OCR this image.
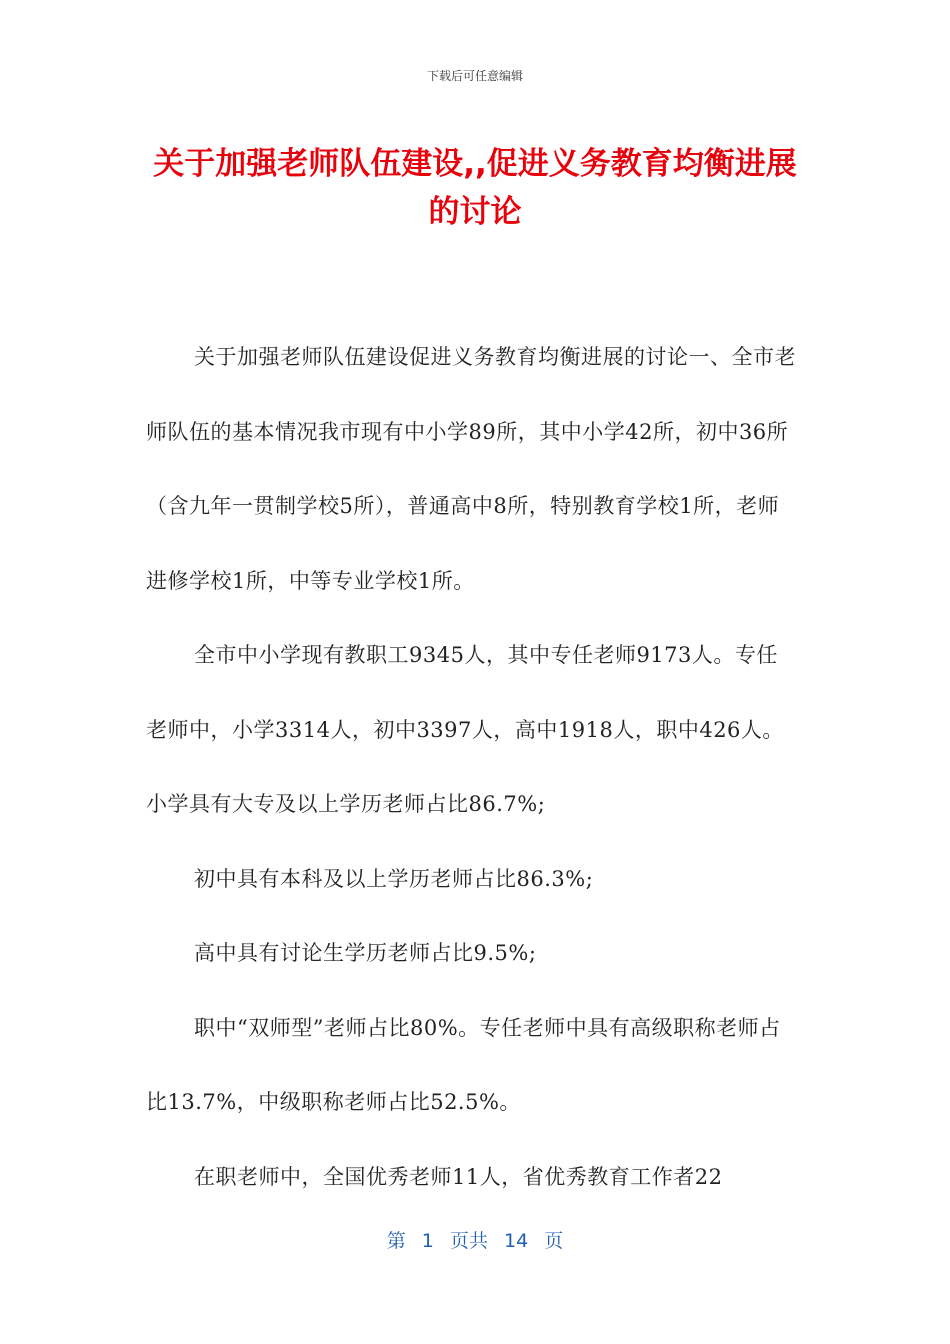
下载后可任意编辑
关于加强老师队伍建设,,促进义务教育均衡进展的讨论

关于加强老师队伍建设促进义务教育均衡进展的讨论一、全市老师队伍的基本情况我市现有中小学89所，其中小学42所，初中36所（含九年一贯制学校5所），普通高中8所，特别教育学校1所，老师进修学校1所，中等专业学校1所。

全市中小学现有教职工9345人，其中专任老师9173人。专任老师中，小学3314人，初中3397人，高中1918人，职中426人。小学具有大专及以上学历老师占比86.7%;

初中具有本科及以上学历老师占比86.3%;

高中具有讨论生学历老师占比9.5%;

职中“双师型”老师占比80%。专任老师中具有高级职称老师占比13.7%，中级职称老师占比52.5%。

在职老师中，全国优秀老师11人，省优秀教育工作者22

第 1 页共 14 页
